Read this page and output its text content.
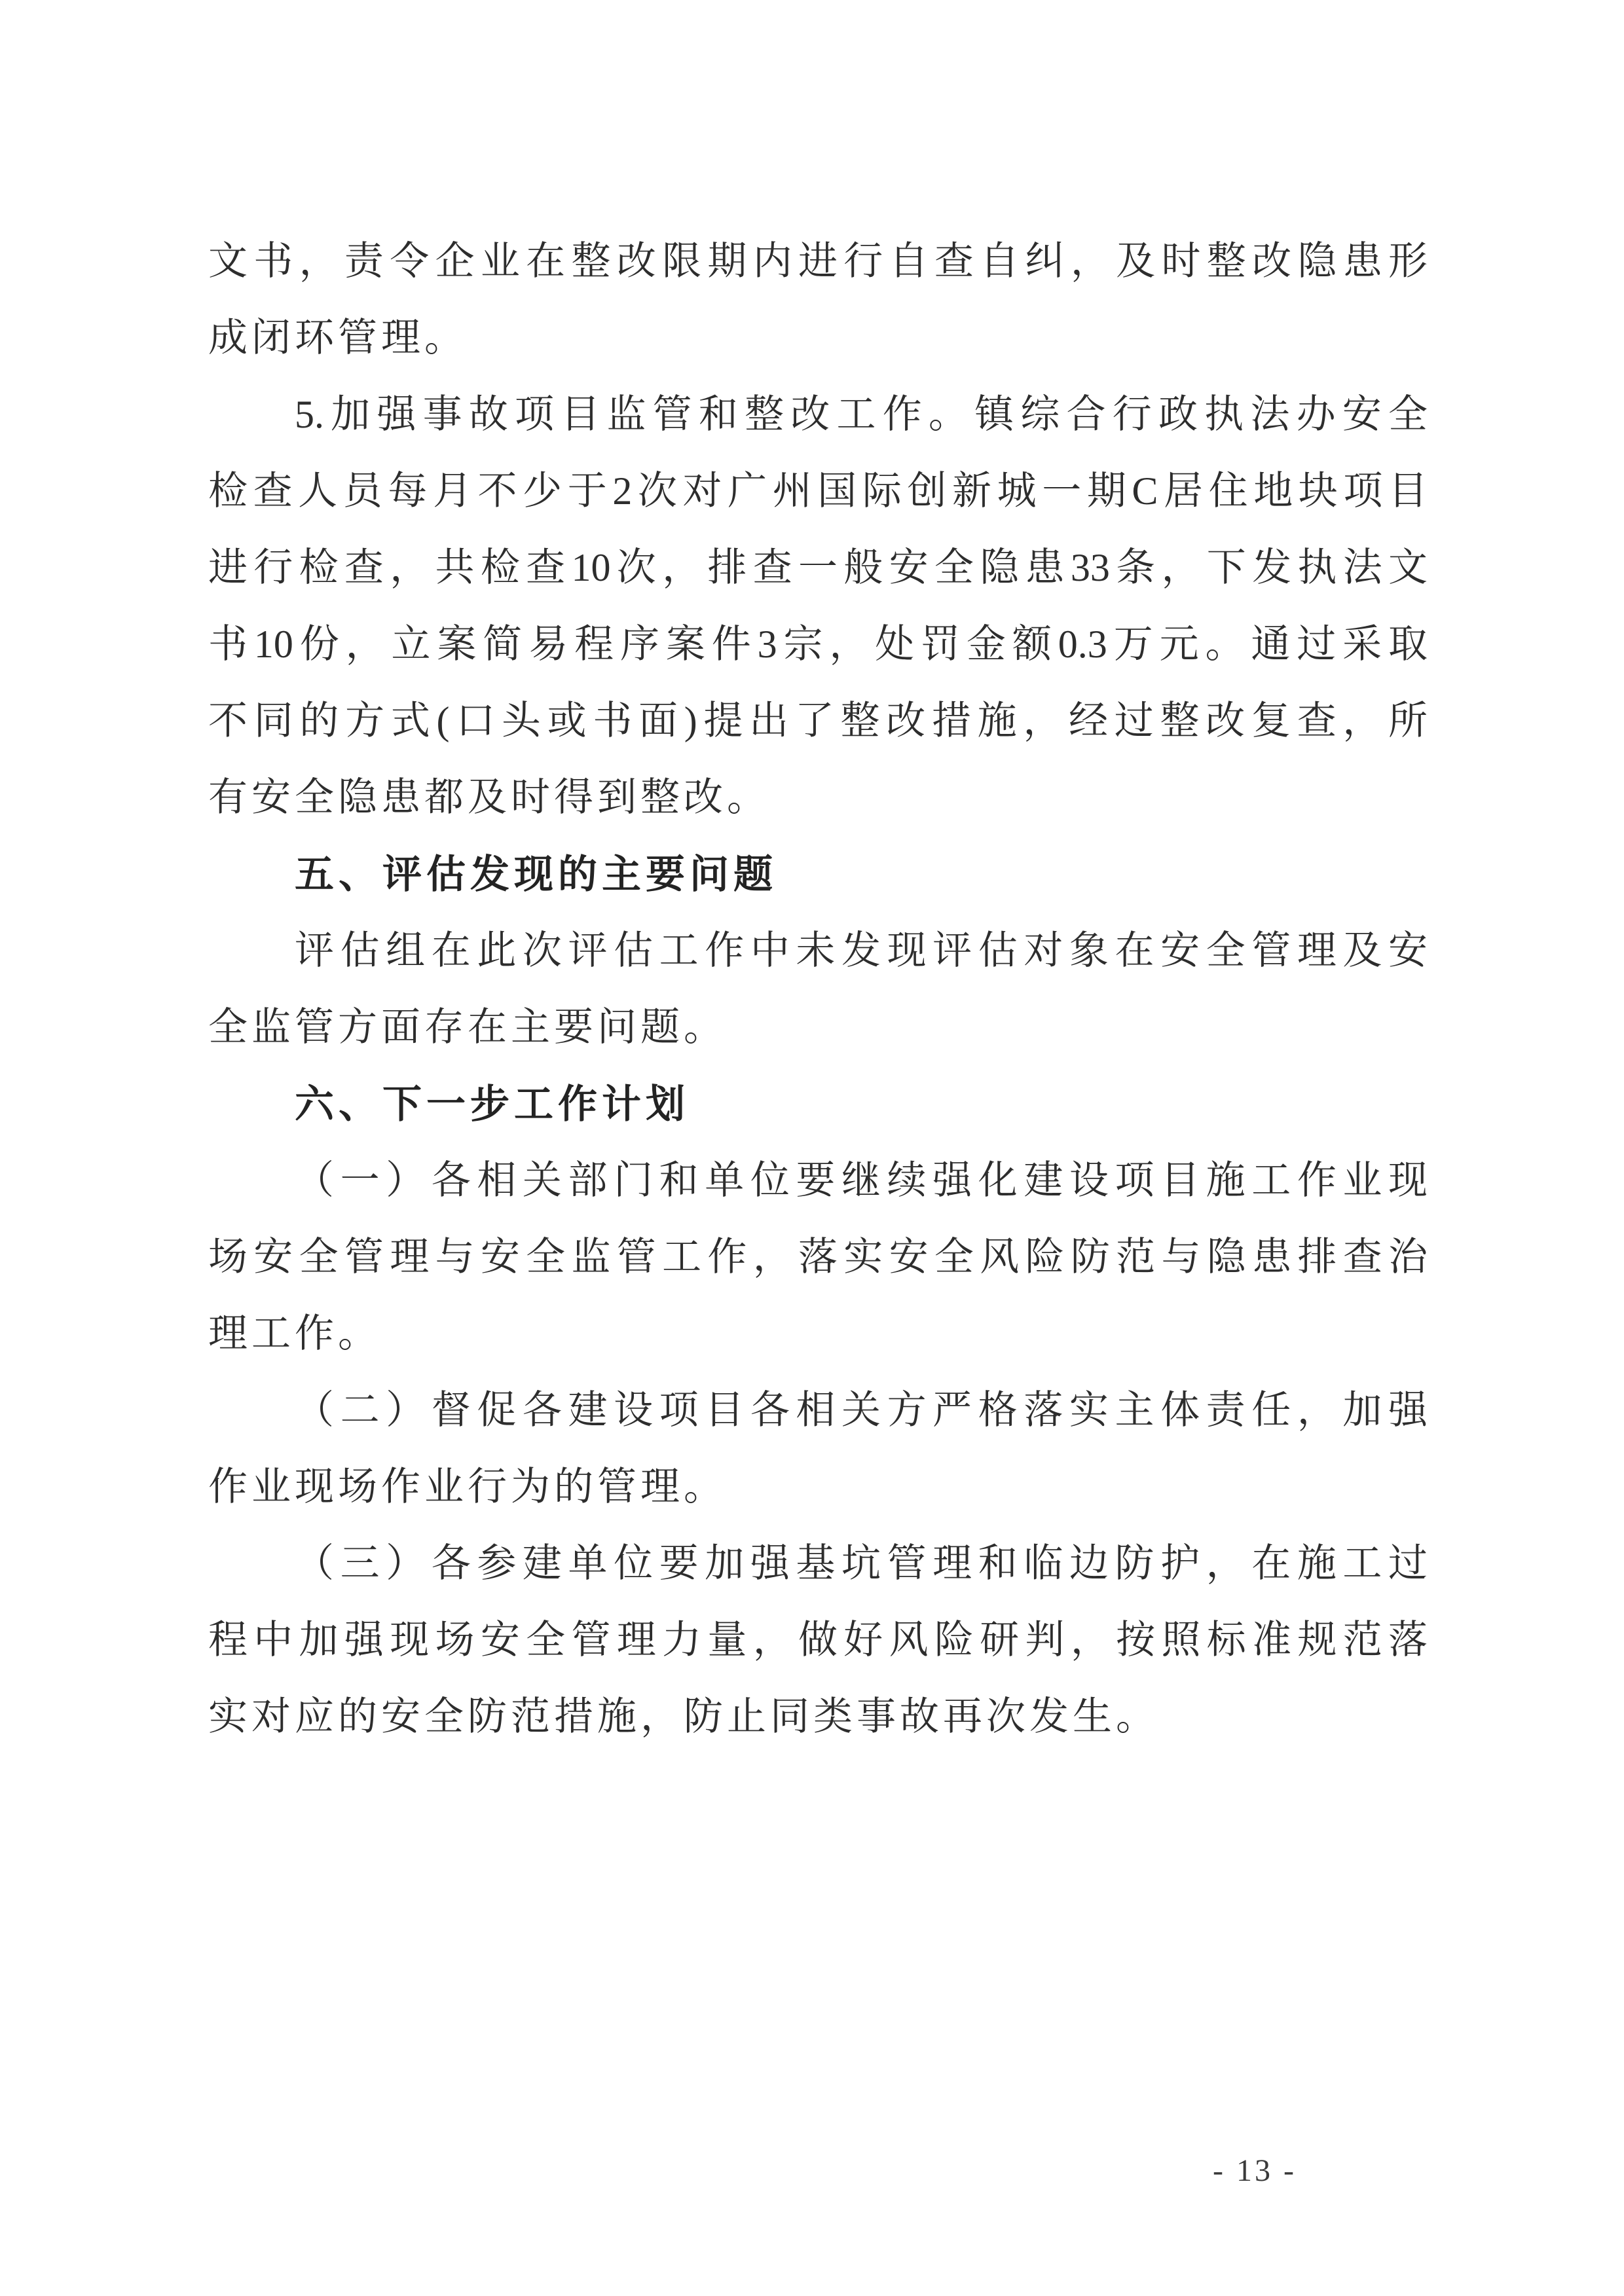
文书，责令企业在整改限期内进行自查自纠，及时整改隐患形
成闭环管理。
5.加强事故项目监管和整改工作。镇综合行政执法办安全
检查人员每月不少于2次对广州国际创新城一期C居住地块项目
进行检查，共检查10次，排查一般安全隐患33条，下发执法文
书10份，立案简易程序案件3宗，处罚金额0.3万元。通过采取
不同的方式(口头或书面)提出了整改措施，经过整改复查，所
有安全隐患都及时得到整改。
五、评估发现的主要问题
评估组在此次评估工作中未发现评估对象在安全管理及安
全监管方面存在主要问题。
六、下一步工作计划
（一）各相关部门和单位要继续强化建设项目施工作业现
场安全管理与安全监管工作，落实安全风险防范与隐患排查治
理工作。
（二）督促各建设项目各相关方严格落实主体责任，加强
作业现场作业行为的管理。
（三）各参建单位要加强基坑管理和临边防护，在施工过
程中加强现场安全管理力量，做好风险研判，按照标准规范落
实对应的安全防范措施，防止同类事故再次发生。
- 13 -
